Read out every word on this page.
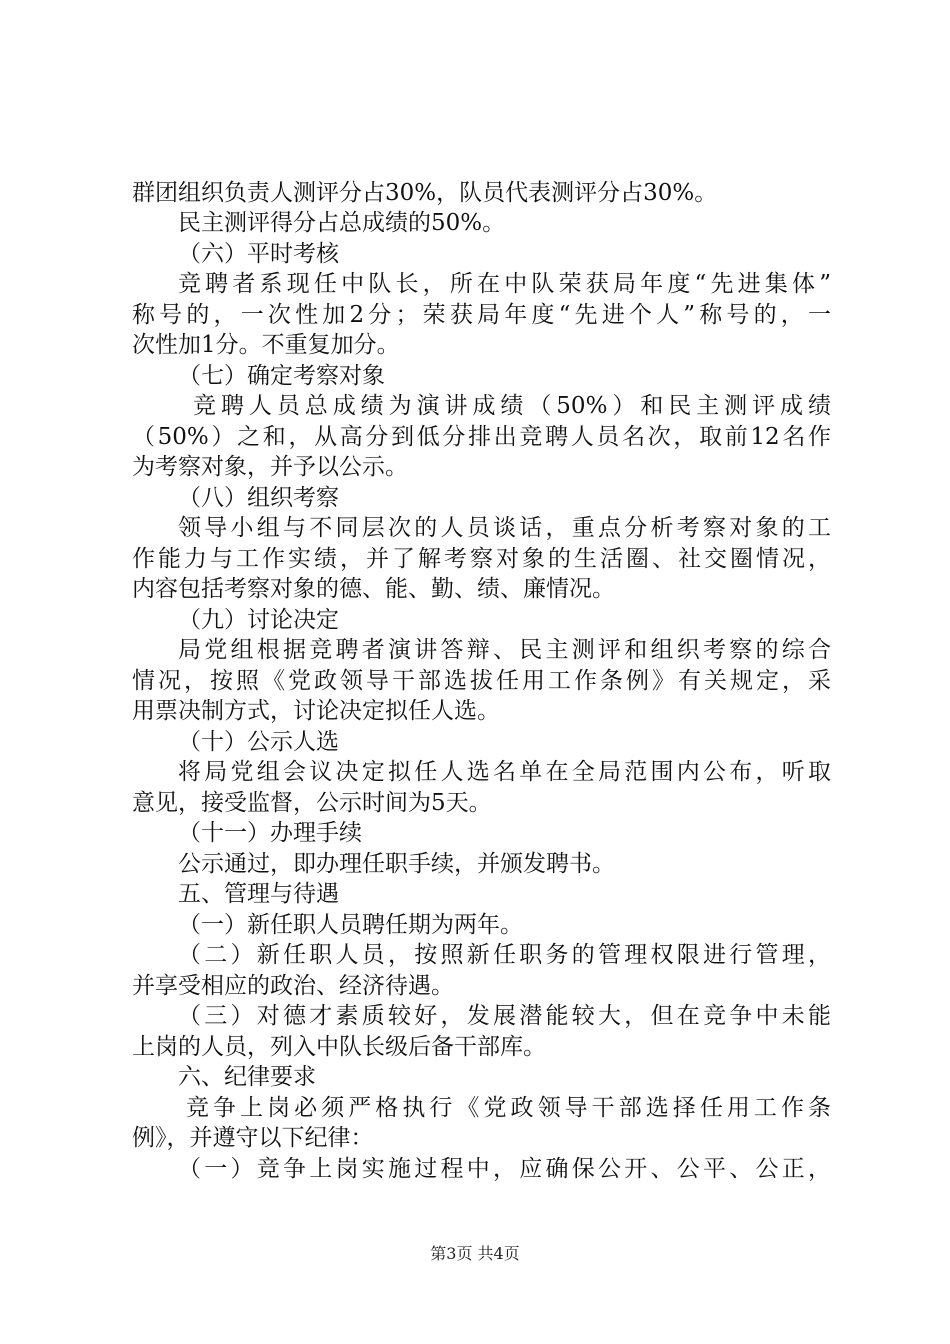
群团组织负责人测评分占30%，队员代表测评分占30%。

民主测评得分占总成绩的50%。

（六）平时考核

竞聘者系现任中队长，所在中队荣获局年度“先进集体”

称号的，一次性加2分；荣获局年度“先进个人”称号的，一

次性加1分。不重复加分。

（七）确定考察对象

竞聘人员总成绩为演讲成绩（50%）和民主测评成绩

（50%）之和，从高分到低分排出竞聘人员名次，取前12名作

为考察对象，并予以公示。

（八）组织考察

领导小组与不同层次的人员谈话，重点分析考察对象的工

作能力与工作实绩，并了解考察对象的生活圈、社交圈情况，

内容包括考察对象的德、能、勤、绩、廉情况。

（九）讨论决定

局党组根据竞聘者演讲答辩、民主测评和组织考察的综合

情况，按照《党政领导干部选拔任用工作条例》有关规定，采

用票决制方式，讨论决定拟任人选。

（十）公示人选

将局党组会议决定拟任人选名单在全局范围内公布，听取

意见，接受监督，公示时间为5天。

（十一）办理手续

公示通过，即办理任职手续，并颁发聘书。

五、管理与待遇

（一）新任职人员聘任期为两年。

（二）新任职人员，按照新任职务的管理权限进行管理，

并享受相应的政治、经济待遇。

（三）对德才素质较好，发展潜能较大，但在竞争中未能

上岗的人员，列入中队长级后备干部库。

六、纪律要求

竞争上岗必须严格执行《党政领导干部选择任用工作条

例》，并遵守以下纪律：

（一）竞争上岗实施过程中，应确保公开、公平、公正，

第3页 共4页
